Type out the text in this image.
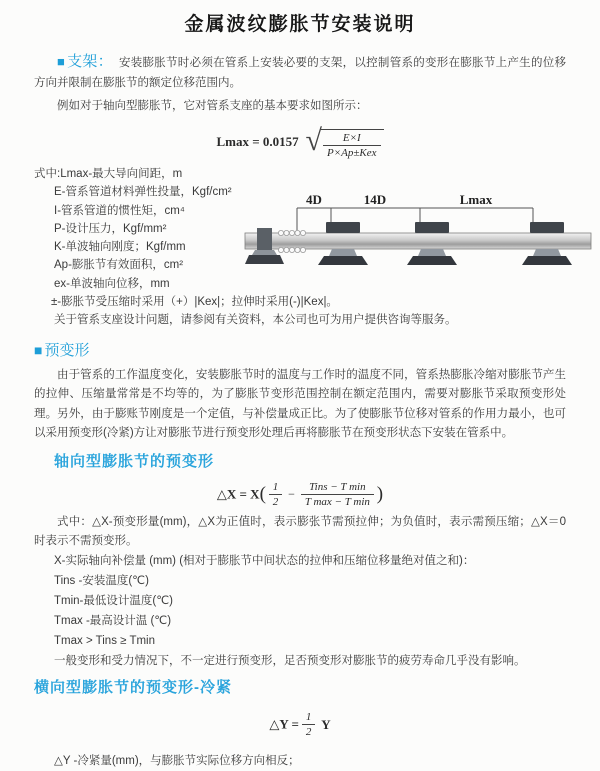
金属波纹膨胀节安装说明

■ 支架： 安装膨胀节时必须在管系上安装必要的支架，以控制管系的变形在膨胀节上产生的位移方向并限制在膨胀节的额定位移范围内。

例如对于轴向型膨胀节，它对管系支座的基本要求如图所示：

Lmax = 0.0157 √ $\frac{E\times I}{\text{P×Ap±Kex}}$
式中:Lmax-最大导向间距，m
E-管系管道材料弹性投量，Kgf/cm²
I-管系管道的惯性矩，cm⁴
P-设计压力，Kgf/mm²
K-单波轴向刚度；Kgf/mm
Ap-膨胀节有效面积，cm²
ex-单波轴向位移，mm
±-膨胀节受压缩时采用（+）|Kex|；拉伸时采用(-)|Kex|。
关于管系支座设计问题，请参阅有关资料，本公司也可为用户提供咨询等服务。
■ 预变形

由于管系的工作温度变化，安装膨胀节时的温度与工作时的温度不同，管系热膨胀冷缩对膨胀节产生的拉伸、压缩量常常是不均等的，为了膨胀节变形范围控制在额定范围内，需要对膨胀节采取预变形处理。另外，由于膨账节刚度是一个定值，与补偿量成正比。为了使膨胀节位移对管系的作用力最小，也可以采用预变形(冷紧)方让对膨胀节进行预变形处理后再将膨胀节在预变形状态下安装在管系中。

轴向型膨胀节的预变形
△X = $X( \frac{1}{2} - \frac{\text{Tins − T min}}{\text{T max − T min}}$ )

式中：△X-预变形量(mm)，△X为正值时，表示膨张节需预拉伸；为负值时，表示需预压缩；△X＝0时表示不需预变形。

X-实际轴向补偿量 (mm) (相对于膨胀节中间状态的拉伸和压缩位移量绝对值之和)：
Tins -安装温度(℃)
Tmin-最低设计温度(℃)
Tmax -最高设计温 (℃)
Tmax > Tins ≥ Tmin
一般变形和受力情况下，不一定进行预变形，足否预变形对膨胀节的疲劳寿命几乎没有影响。
横向型膨胀节的预变形-冷紧
△Y = $\frac{1}{2}$ Y
△Y -冷紧量(mm)，与膨胀节实际位移方向相反；
4D	14D	Lmax
